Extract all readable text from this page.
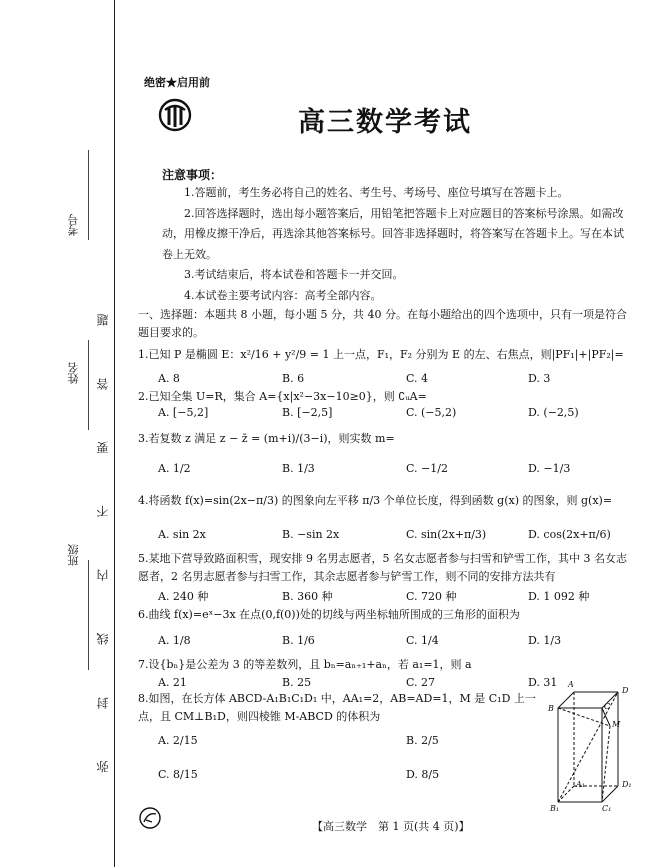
考号
姓名
班级 弥 封 线 内 不 要 答 题
绝密★启用前
高三数学考试
注意事项：

1.答题前，考生务必将自己的姓名、考生号、考场号、座位号填写在答题卡上。

2.回答选择题时，选出每小题答案后，用铅笔把答题卡上对应题目的答案标号涂黑。如需改动，用橡皮擦干净后，再选涂其他答案标号。回答非选择题时，将答案写在答题卡上。写在本试卷上无效。

3.考试结束后，将本试卷和答题卡一并交回。

4.本试卷主要考试内容：高考全部内容。

一、选择题：本题共 8 小题，每小题 5 分，共 40 分。在每小题给出的四个选项中，只有一项是符合题目要求的。
1.已知 P 是椭圆 E：x²/16 + y²/9 = 1 上一点，F₁，F₂ 分别为 E 的左、右焦点，则|PF₁|+|PF₂|=
A. 8	B. 6	C. 4	D. 3
2.已知全集 U=R，集合 A={x|x²−3x−10≥0}，则 ∁ᵤA=
A. [−5,2]	B. [−2,5]	C. (−5,2)	D. (−2,5)
3.若复数 z 满足 z − z̄ = (m+i)/(3−i)，则实数 m=
A. 1/2	B. 1/3	C. −1/2	D. −1/3
4.将函数 f(x)=sin(2x−π/3) 的图象向左平移 π/3 个单位长度，得到函数 g(x) 的图象，则 g(x)=
A. sin 2x	B. −sin 2x	C. sin(2x+π/3)	D. cos(2x+π/6)
5.某地下营导致路面积雪，现安排 9 名男志愿者，5 名女志愿者参与扫雪和铲雪工作，其中 3 名女志愿者，2 名男志愿者参与扫雪工作，其余志愿者参与铲雪工作，则不同的安排方法共有
A. 240 种	B. 360 种	C. 720 种	D. 1 092 种
6.曲线 f(x)=eˣ−3x 在点(0,f(0))处的切线与两坐标轴所围成的三角形的面积为
A. 1/8	B. 1/6	C. 1/4	D. 1/3
7.设{bₙ}是公差为 3 的等差数列，且 bₙ=aₙ₊₁+aₙ，若 a₁=1，则 a
A. 21	B. 25	C. 27	D. 31
8.如图，在长方体 ABCD-A₁B₁C₁D₁ 中，AA₁=2，AB=AD=1，M 是 C₁D 上一点，且 CM⊥B₁D，则四棱锥 M-ABCD 的体积为
A. 2/15	B. 2/5
C. 8/15	D. 8/5
A
D
B	C
M
A₁	D₁
B₁	C₁
【高三数学　第 1 页(共 4 页)】
